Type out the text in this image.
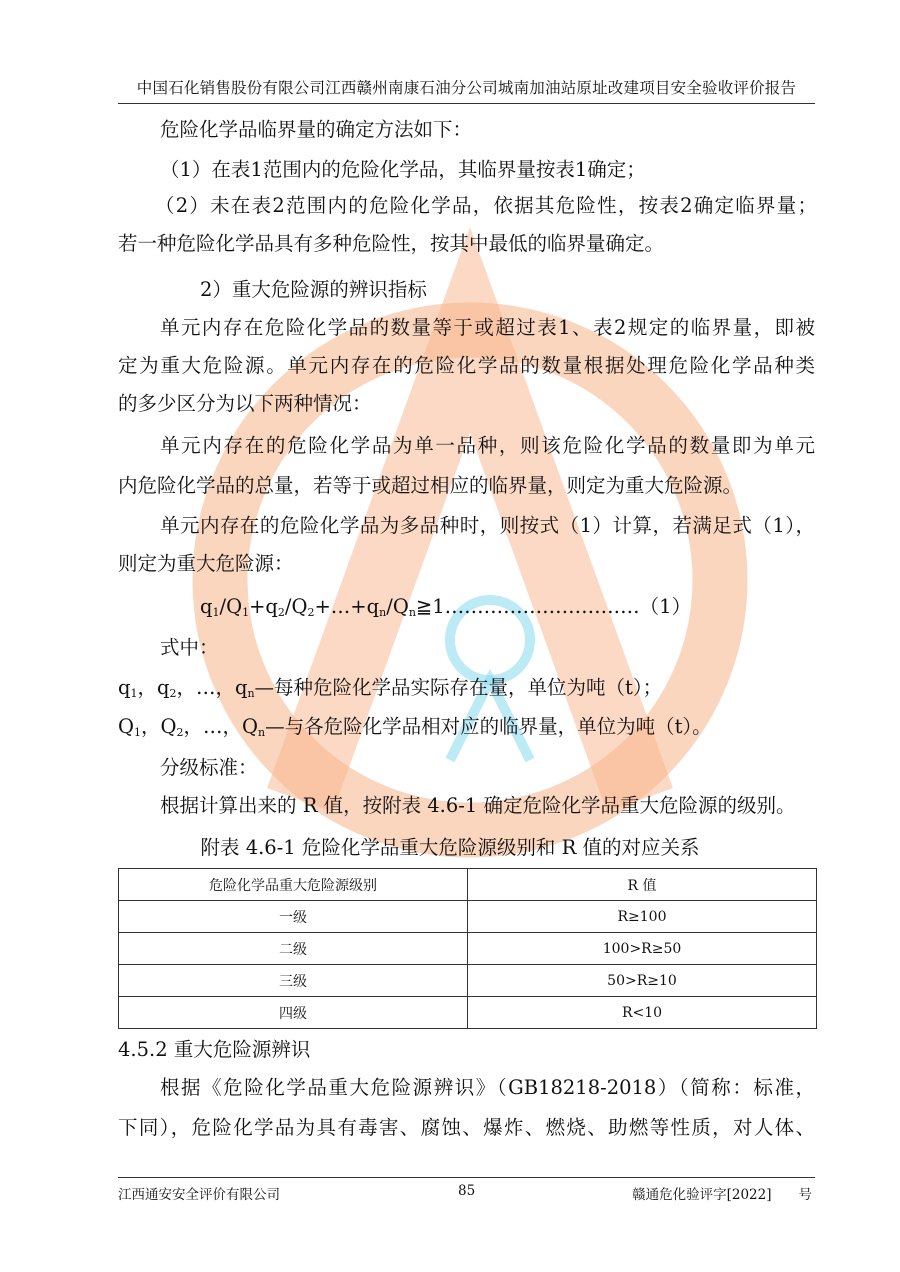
中国石化销售股份有限公司江西赣州南康石油分公司城南加油站原址改建项目安全验收评价报告
危险化学品临界量的确定方法如下：
（1）在表1范围内的危险化学品，其临界量按表1确定；
（2）未在表2范围内的危险化学品，依据其危险性，按表2确定临界量；
若一种危险化学品具有多种危险性，按其中最低的临界量确定。
2）重大危险源的辨识指标
单元内存在危险化学品的数量等于或超过表1、表2规定的临界量，即被
定为重大危险源。单元内存在的危险化学品的数量根据处理危险化学品种类
的多少区分为以下两种情况：
单元内存在的危险化学品为单一品种，则该危险化学品的数量即为单元
内危险化学品的总量，若等于或超过相应的临界量，则定为重大危险源。
单元内存在的危险化学品为多品种时，则按式（1）计算，若满足式（1），
则定为重大危险源：
$q_1/Q_1+q_2/Q_2+\dots+q_n/Q_n≧1\dots\dots\dots\dots\dots\dots\dots\dots\dots\dots(1)$
式中：
$q_1$，$q_2$，…，$q_n—$每种危险化学品实际存在量，单位为吨（t）；
$Q_1$，$Q_2$，…，$Q_n—$与各危险化学品相对应的临界量，单位为吨（t）。
分级标准：
根据计算出来的 R 值，按附表 4.6-1 确定危险化学品重大危险源的级别。
附表 4.6-1 危险化学品重大危险源级别和 R 值的对应关系
危险化学品重大危险源级别	R 值
一级	R≥100
二级	100>R≥50
三级	50>R≥10
四级	R<10
4.5.2 重大危险源辨识
根据《危险化学品重大危险源辨识》（GB18218-2018）（简称：标准，
下同），危险化学品为具有毒害、腐蚀、爆炸、燃烧、助燃等性质，对人体、
江西通安安全评价有限公司	85	赣通危化验评字[2022]　　号
